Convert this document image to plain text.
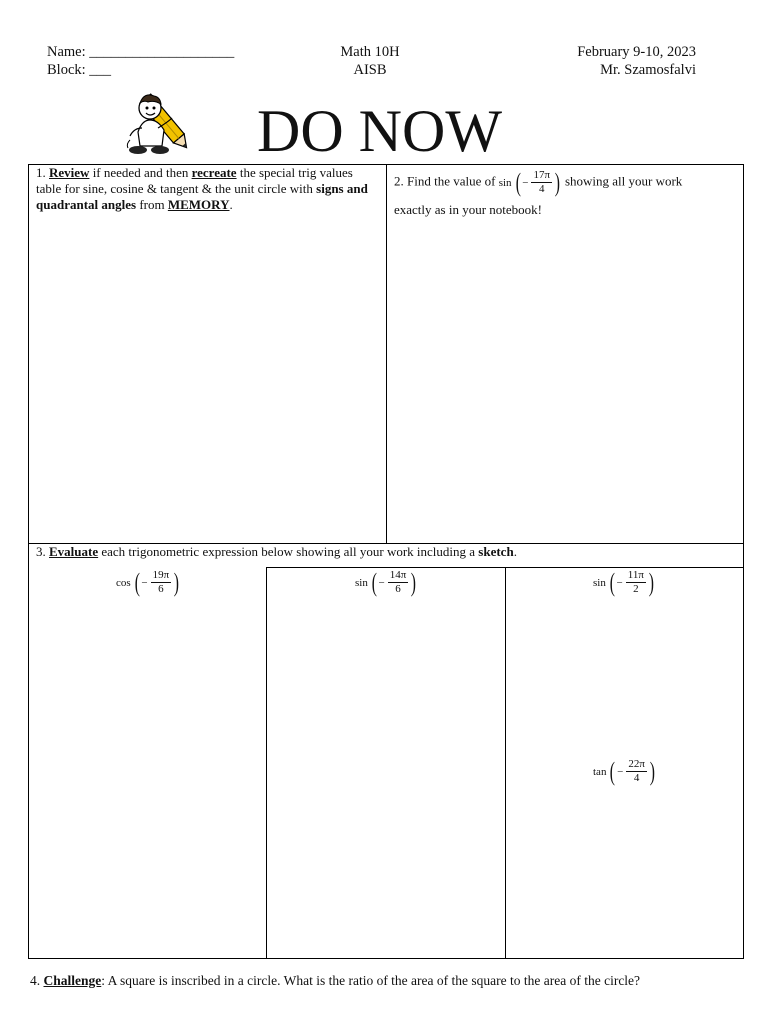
Name: ____________________
Block: ___
Math 10H
AISB
February 9-10, 2023
Mr. Szamosfalvi
DO NOW
1. Review if needed and then recreate the special trig values table for sine, cosine & tangent & the unit circle with signs and quadrantal angles from MEMORY.
2. Find the value of sin ( − $\frac{17\pi}{4}$ ) showing all your work
exactly as in your notebook!
3. Evaluate each trigonometric expression below showing all your work including a sketch.
cos ( − $\frac{19\pi}{6}$ )	sin ( − $\frac{14\pi}{6}$ )	sin ( − $\frac{11\pi}{2}$ )
tan ( − $\frac{22\pi}{4}$ )
4. Challenge: A square is inscribed in a circle. What is the ratio of the area of the square to the area of the circle?
